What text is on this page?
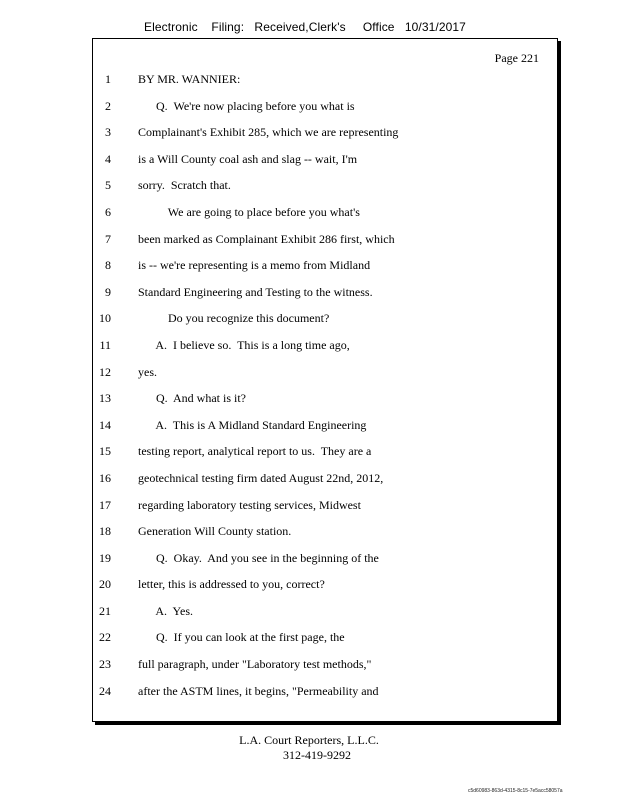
Electronic    Filing:   Received,Clerk's     Office   10/31/2017
Page 221
1 BY MR. WANNIER:
2 Q.  We're now placing before you what is
3 Complainant's Exhibit 285, which we are representing
4 is a Will County coal ash and slag -- wait, I'm
5 sorry.  Scratch that.
6 We are going to place before you what's
7 been marked as Complainant Exhibit 286 first, which
8 is -- we're representing is a memo from Midland
9 Standard Engineering and Testing to the witness.
10 Do you recognize this document?
11 A.  I believe so.  This is a long time ago,
12 yes.
13 Q.  And what is it?
14 A.  This is A Midland Standard Engineering
15 testing report, analytical report to us.  They are a
16 geotechnical testing firm dated August 22nd, 2012,
17 regarding laboratory testing services, Midwest
18 Generation Will County station.
19 Q.  Okay.  And you see in the beginning of the
20 letter, this is addressed to you, correct?
21 A.  Yes.
22 Q.  If you can look at the first page, the
23 full paragraph, under "Laboratory test methods,"
24 after the ASTM lines, it begins, "Permeability and
L.A. Court Reporters, L.L.C.
312-419-9292
c5d60983-863d-4315-8c15-7e5acc58057a
